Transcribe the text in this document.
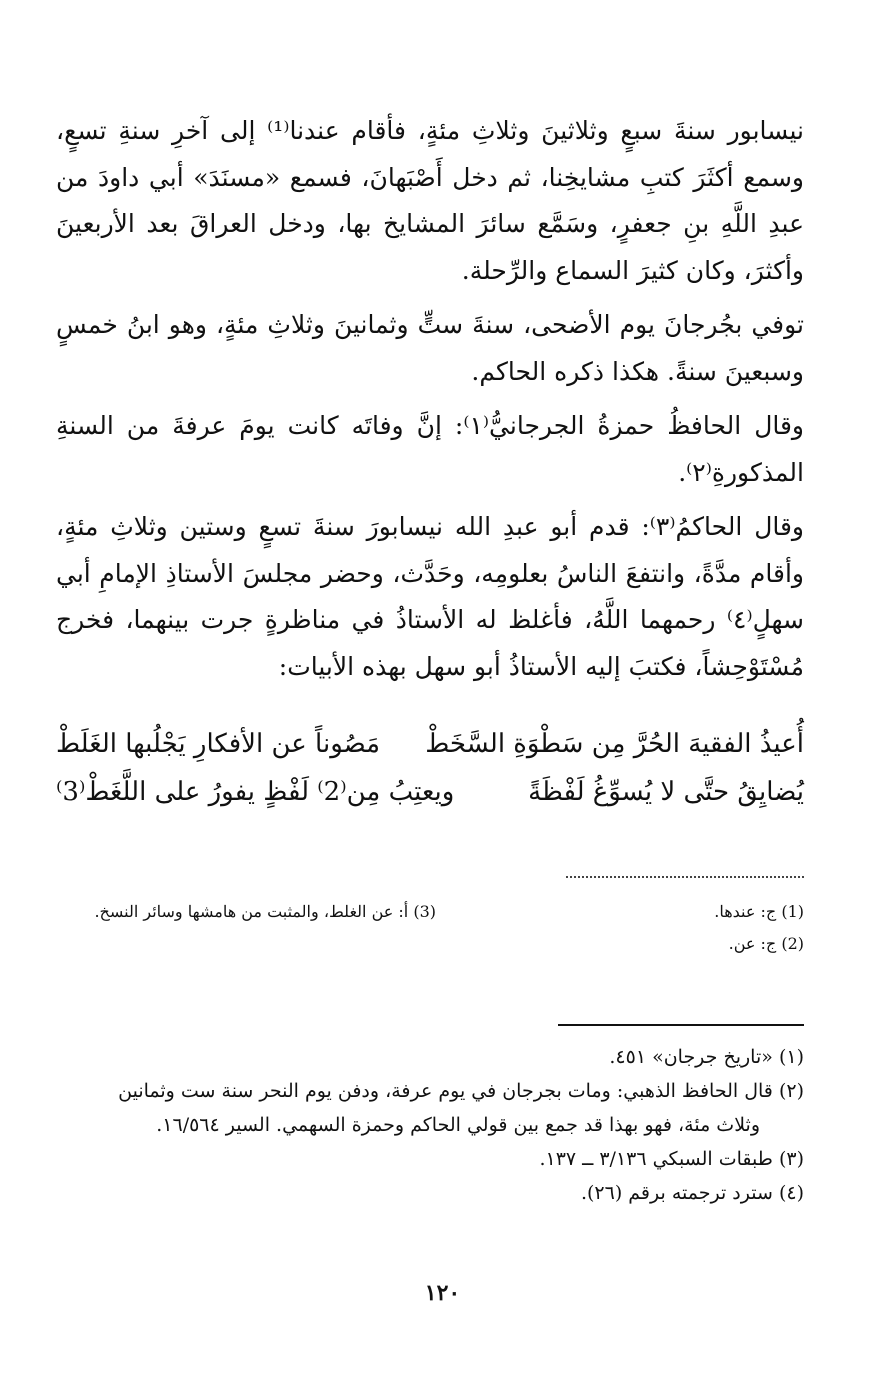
نيسابور سنةَ سبعٍ وثلاثينَ وثلاثِ مئةٍ، فأقام عندنا⁽¹⁾ إلى آخرِ سنةِ تسعٍ، وسمع أكثَرَ كتبِ مشايخِنا، ثم دخل أَصْبَهانَ، فسمع «مسنَدَ» أبي داودَ من عبدِ اللَّهِ بنِ جعفرٍ، وسَمَّع سائرَ المشايخ بها، ودخل العراقَ بعد الأربعينَ وأكثرَ، وكان كثيرَ السماع والرِّحلة.

توفي بجُرجانَ يوم الأضحى، سنةَ ستٍّ وثمانينَ وثلاثِ مئةٍ، وهو ابنُ خمسٍ وسبعينَ سنةً. هكذا ذكره الحاكم.

وقال الحافظُ حمزةُ الجرجانيُّ⁽١⁾: إنَّ وفاتَه كانت يومَ عرفةَ من السنةِ المذكورةِ⁽٢⁾.

وقال الحاكمُ⁽٣⁾: قدم أبو عبدِ الله نيسابورَ سنةَ تسعٍ وستين وثلاثِ مئةٍ، وأقام مدَّةً، وانتفعَ الناسُ بعلومِه، وحَدَّث، وحضر مجلسَ الأستاذِ الإمامِ أبي سهلٍ⁽٤⁾ رحمهما اللَّهُ، فأغلظ له الأستاذُ في مناظرةٍ جرت بينهما، فخرج مُسْتَوْحِشاً، فكتبَ إليه الأستاذُ أبو سهل بهذه الأبيات:

أُعيذُ الفقيهَ الحُرَّ مِن سَطْوَةِ السَّخَطْ
مَصُوناً عن الأفكارِ يَجْلُبها الغَلَطْ
يُضايِقُ حتَّى لا يُسوِّغُ لَفْظَةً
ويعتِبُ مِن⁽2⁾ لَفْظٍ يفورُ على اللَّغَطْ⁽3⁾

(1) ج: عندها.

(2) ج: عن.

(3) أ: عن الغلط، والمثبت من هامشها وسائر النسخ.

(١) «تاريخ جرجان» ٤٥١.

(٢) قال الحافظ الذهبي: ومات بجرجان في يوم عرفة، ودفن يوم النحر سنة ست وثمانين

وثلاث مئة، فهو بهذا قد جمع بين قولي الحاكم وحمزة السهمي. السير ١٦/٥٦٤.

(٣) طبقات السبكي ٣/١٣٦ ــ ١٣٧.

(٤) سترد ترجمته برقم (٢٦).

١٢٠
